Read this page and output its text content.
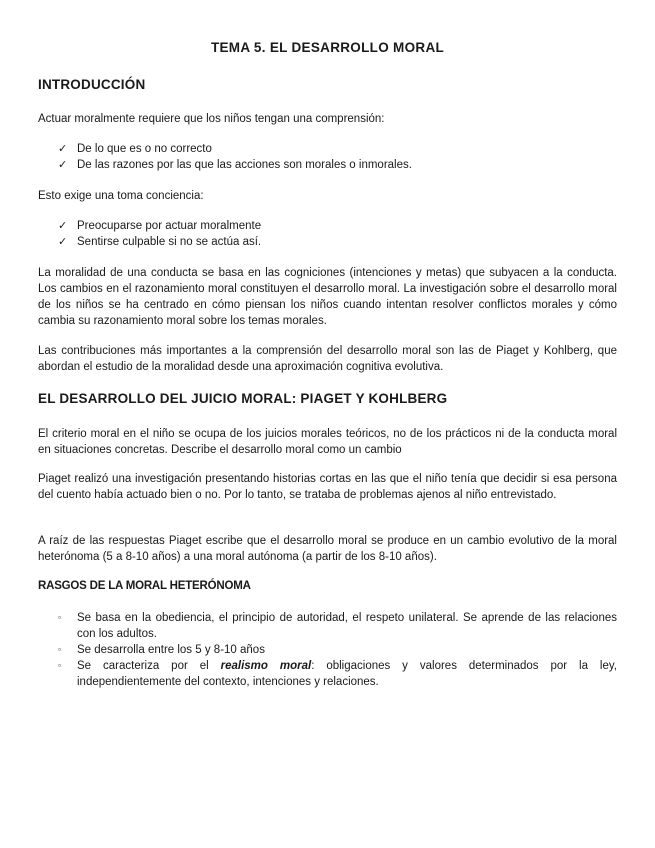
TEMA 5. EL DESARROLLO MORAL
INTRODUCCIÓN

Actuar moralmente requiere que los niños tengan una comprensión:

✓ De lo que es o no correcto
✓ De las razones por las que las acciones son morales o inmorales.

Esto exige una toma conciencia:

✓ Preocuparse por actuar moralmente
✓ Sentirse culpable si no se actúa así.

La moralidad de una conducta se basa en las cogniciones (intenciones y metas) que subyacen a la conducta. Los cambios en el razonamiento moral constituyen el desarrollo moral. La investigación sobre el desarrollo moral de los niños se ha centrado en cómo piensan los niños cuando intentan resolver conflictos morales y cómo cambia su razonamiento moral sobre los temas morales.

Las contribuciones más importantes a la comprensión del desarrollo moral son las de Piaget y Kohlberg, que abordan el estudio de la moralidad desde una aproximación cognitiva evolutiva.

EL DESARROLLO DEL JUICIO MORAL: PIAGET Y KOHLBERG

El criterio moral en el niño se ocupa de los juicios morales teóricos, no de los prácticos ni de la conducta moral en situaciones concretas. Describe el desarrollo moral como un cambio

Piaget realizó una investigación presentando historias cortas en las que el niño tenía que decidir si esa persona del cuento había actuado bien o no. Por lo tanto, se trataba de problemas ajenos al niño entrevistado.

A raíz de las respuestas Piaget escribe que el desarrollo moral se produce en un cambio evolutivo de la moral heterónoma (5 a 8-10 años) a una moral autónoma (a partir de los 8-10 años).

RASGOS DE LA MORAL HETERÓNOMA
▫	Se basa en la obediencia, el principio de autoridad, el respeto unilateral. Se aprende de las relaciones con los adultos.
▫	Se desarrolla entre los 5 y 8-10 años
▫	Se caracteriza por el realismo moral: obligaciones y valores determinados por la ley, independientemente del contexto, intenciones y relaciones.
